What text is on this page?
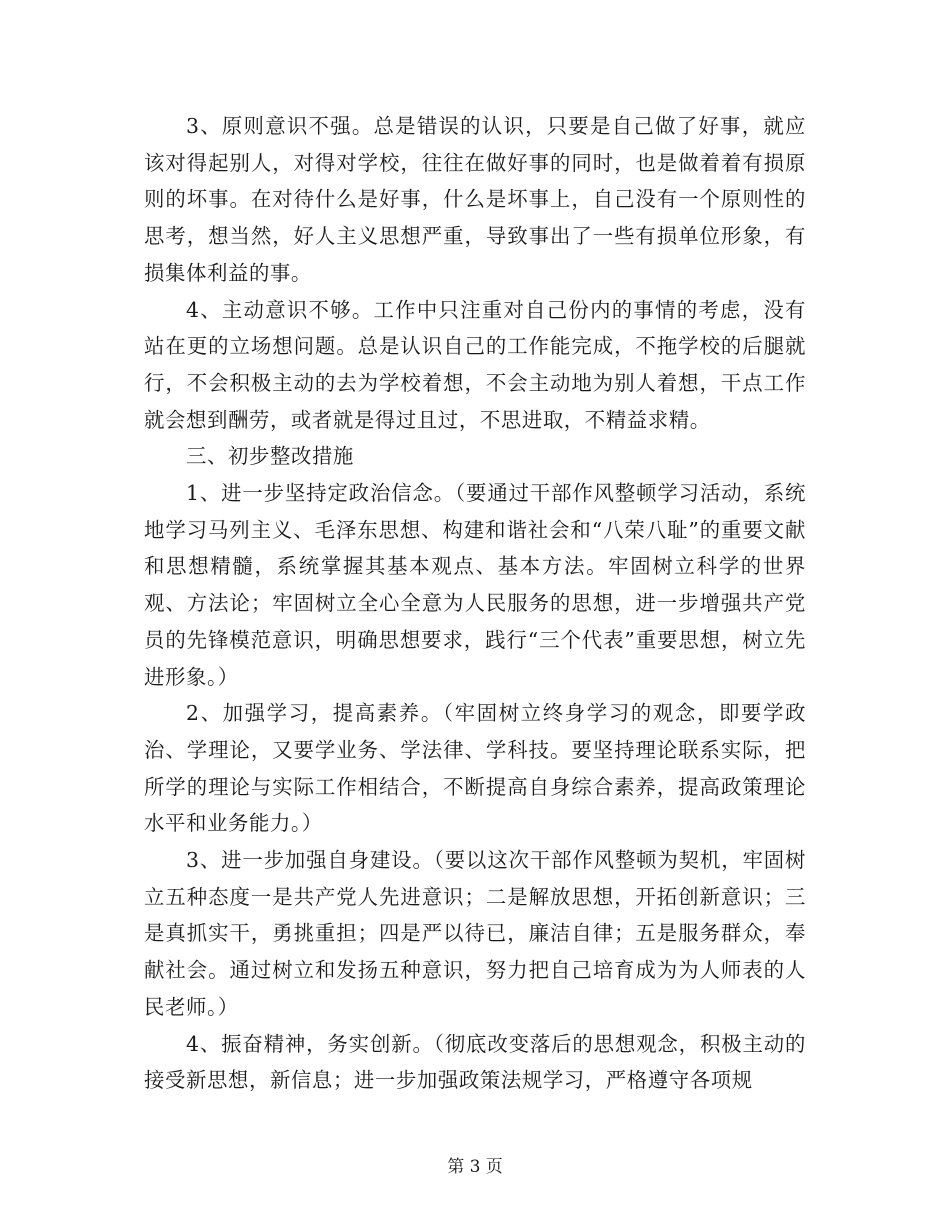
3、原则意识不强。总是错误的认识，只要是自己做了好事，就应该对得起别人，对得对学校，往往在做好事的同时，也是做着着有损原则的坏事。在对待什么是好事，什么是坏事上，自己没有一个原则性的思考，想当然，好人主义思想严重，导致事出了一些有损单位形象，有损集体利益的事。

4、主动意识不够。工作中只注重对自己份内的事情的考虑，没有站在更的立场想问题。总是认识自己的工作能完成，不拖学校的后腿就行，不会积极主动的去为学校着想，不会主动地为别人着想，干点工作就会想到酬劳，或者就是得过且过，不思进取，不精益求精。

三、初步整改措施

1、进一步坚持定政治信念。（要通过干部作风整顿学习活动，系统地学习马列主义、毛泽东思想、构建和谐社会和“八荣八耻”的重要文献和思想精髓，系统掌握其基本观点、基本方法。牢固树立科学的世界观、方法论；牢固树立全心全意为人民服务的思想，进一步增强共产党员的先锋模范意识，明确思想要求，践行“三个代表”重要思想，树立先进形象。）

2、加强学习，提高素养。（牢固树立终身学习的观念，即要学政治、学理论，又要学业务、学法律、学科技。要坚持理论联系实际，把所学的理论与实际工作相结合，不断提高自身综合素养，提高政策理论水平和业务能力。）

3、进一步加强自身建设。（要以这次干部作风整顿为契机，牢固树立五种态度一是共产党人先进意识；二是解放思想，开拓创新意识；三是真抓实干，勇挑重担；四是严以待已，廉洁自律；五是服务群众，奉献社会。通过树立和发扬五种意识，努力把自己培育成为为人师表的人民老师。）

4、振奋精神，务实创新。（彻底改变落后的思想观念，积极主动的接受新思想，新信息；进一步加强政策法规学习，严格遵守各项规

第 3 页
